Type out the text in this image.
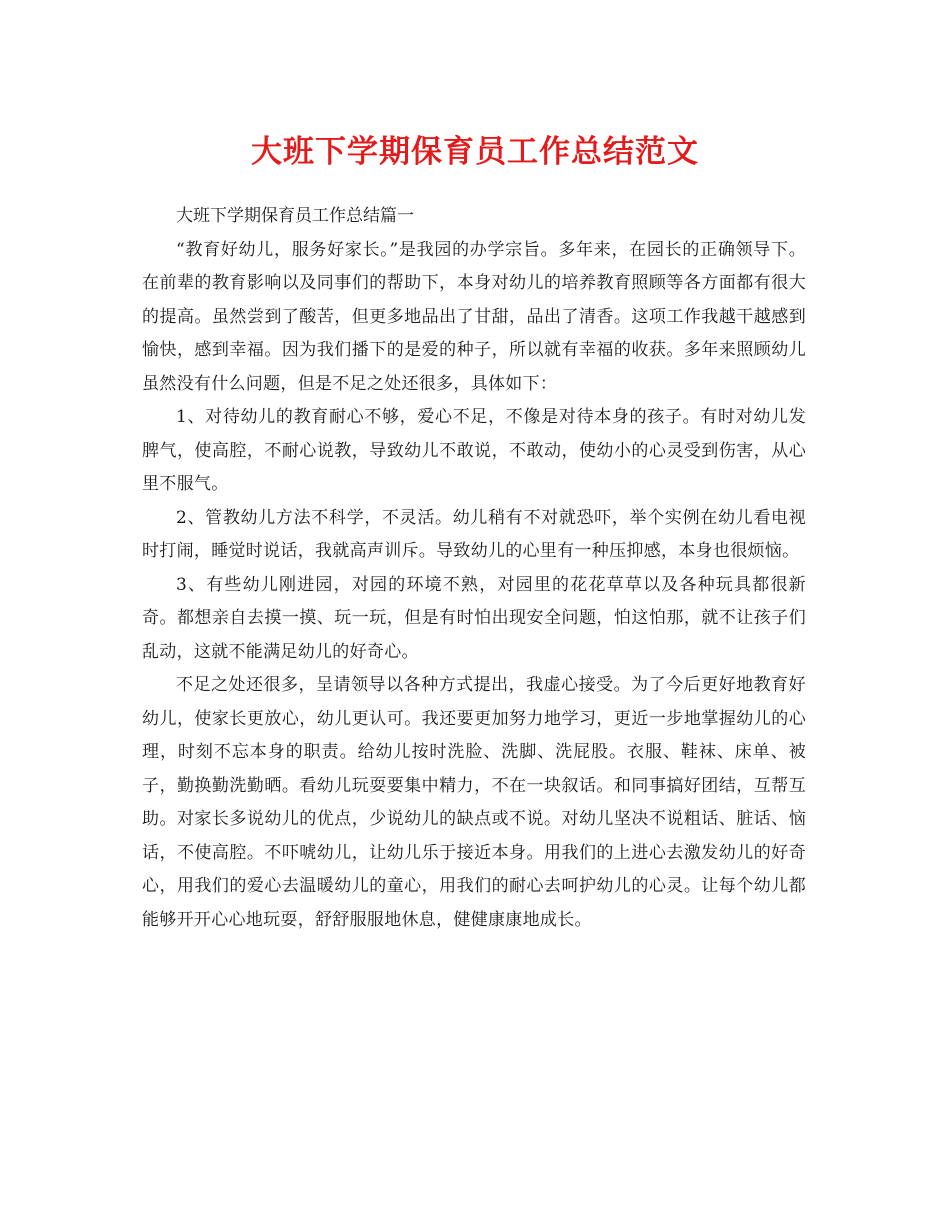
大班下学期保育员工作总结范文

大班下学期保育员工作总结篇一

“教育好幼儿，服务好家长。”是我园的办学宗旨。多年来，在园长的正确领导下。在前辈的教育影响以及同事们的帮助下，本身对幼儿的培养教育照顾等各方面都有很大的提高。虽然尝到了酸苦，但更多地品出了甘甜，品出了清香。这项工作我越干越感到愉快，感到幸福。因为我们播下的是爱的种子，所以就有幸福的收获。多年来照顾幼儿虽然没有什么问题，但是不足之处还很多，具体如下：

1、对待幼儿的教育耐心不够，爱心不足，不像是对待本身的孩子。有时对幼儿发脾气，使高腔，不耐心说教，导致幼儿不敢说，不敢动，使幼小的心灵受到伤害，从心里不服气。

2、管教幼儿方法不科学，不灵活。幼儿稍有不对就恐吓，举个实例在幼儿看电视时打闹，睡觉时说话，我就高声训斥。导致幼儿的心里有一种压抑感，本身也很烦恼。

3、有些幼儿刚进园，对园的环境不熟，对园里的花花草草以及各种玩具都很新奇。都想亲自去摸一摸、玩一玩，但是有时怕出现安全问题，怕这怕那，就不让孩子们乱动，这就不能满足幼儿的好奇心。

不足之处还很多，呈请领导以各种方式提出，我虚心接受。为了今后更好地教育好幼儿，使家长更放心，幼儿更认可。我还要更加努力地学习，更近一步地掌握幼儿的心理，时刻不忘本身的职责。给幼儿按时洗脸、洗脚、洗屁股。衣服、鞋袜、床单、被子，勤换勤洗勤晒。看幼儿玩耍要集中精力，不在一块叙话。和同事搞好团结，互帮互助。对家长多说幼儿的优点，少说幼儿的缺点或不说。对幼儿坚决不说粗话、脏话、恼话，不使高腔。不吓唬幼儿，让幼儿乐于接近本身。用我们的上进心去激发幼儿的好奇心，用我们的爱心去温暖幼儿的童心，用我们的耐心去呵护幼儿的心灵。让每个幼儿都能够开开心心地玩耍，舒舒服服地休息，健健康康地成长。
